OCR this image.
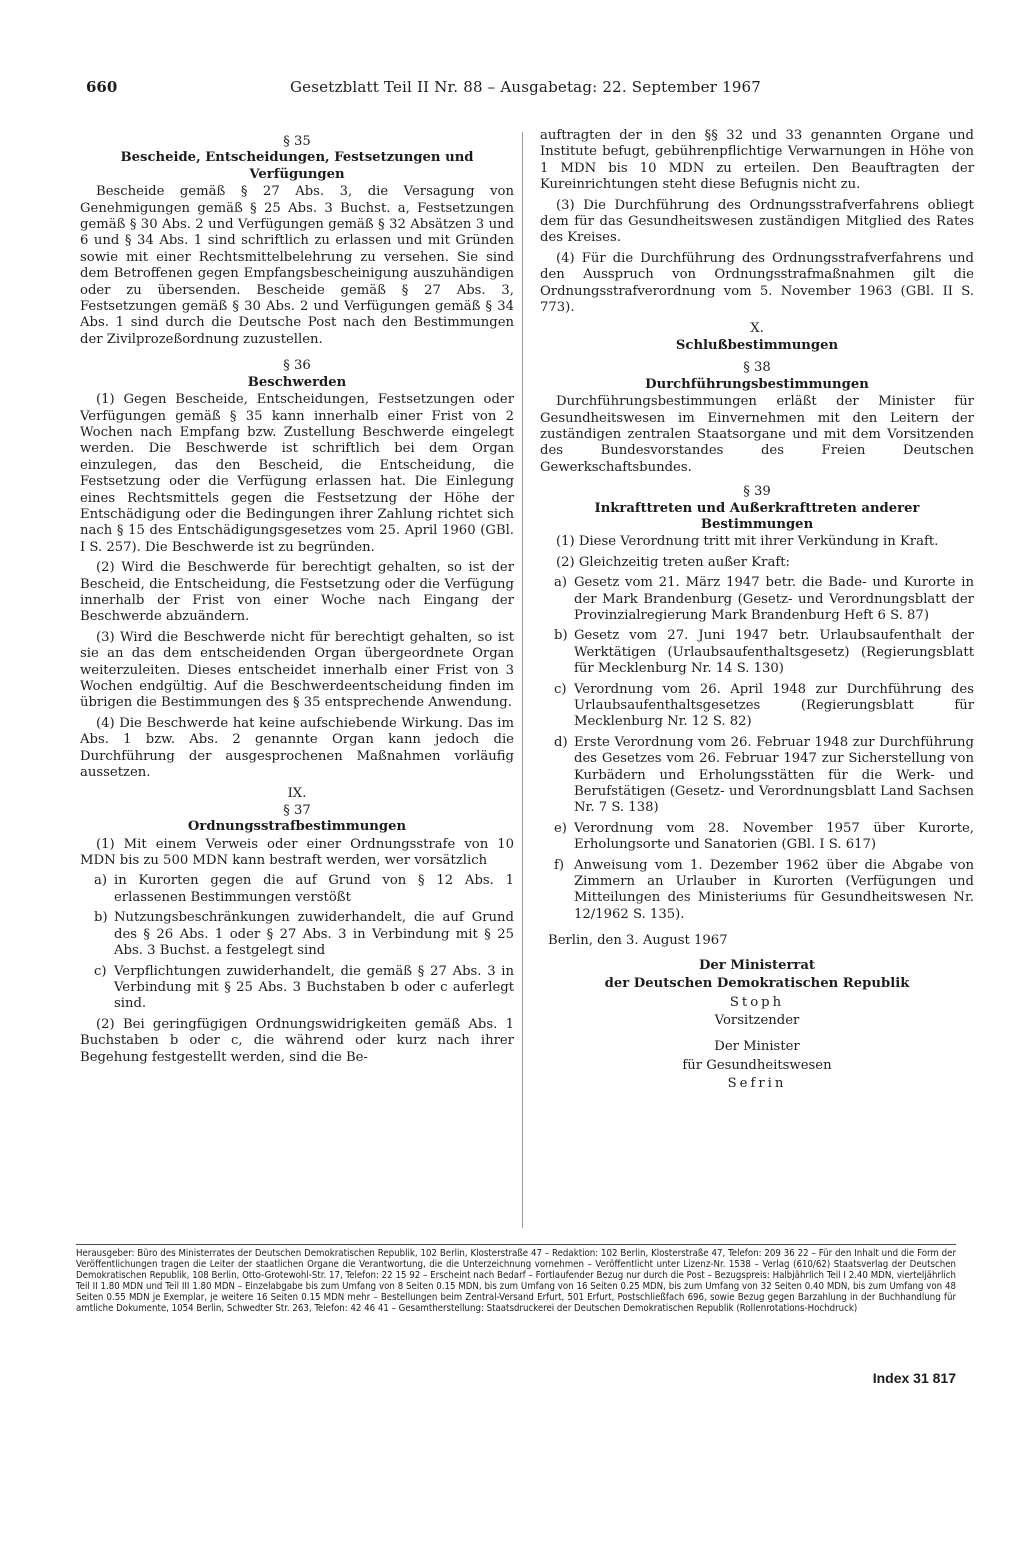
660	Gesetzblatt Teil II Nr. 88 – Ausgabetag: 22. September 1967
§ 35
Bescheide, Entscheidungen, Festsetzungen und Verfügungen

Bescheide gemäß § 27 Abs. 3, die Versagung von Genehmigungen gemäß § 25 Abs. 3 Buchst. a, Festsetzungen gemäß § 30 Abs. 2 und Verfügungen gemäß § 32 Absätzen 3 und 6 und § 34 Abs. 1 sind schriftlich zu erlassen und mit Gründen sowie mit einer Rechtsmittelbelehrung zu versehen. Sie sind dem Betroffenen gegen Empfangsbescheinigung auszuhändigen oder zu übersenden. Bescheide gemäß § 27 Abs. 3, Festsetzungen gemäß § 30 Abs. 2 und Verfügungen gemäß § 34 Abs. 1 sind durch die Deutsche Post nach den Bestimmungen der Zivilprozeßordnung zuzustellen.

§ 36
Beschwerden

(1) Gegen Bescheide, Entscheidungen, Festsetzungen oder Verfügungen gemäß § 35 kann innerhalb einer Frist von 2 Wochen nach Empfang bzw. Zustellung Beschwerde eingelegt werden. Die Beschwerde ist schriftlich bei dem Organ einzulegen, das den Bescheid, die Entscheidung, die Festsetzung oder die Verfügung erlassen hat. Die Einlegung eines Rechtsmittels gegen die Festsetzung der Höhe der Entschädigung oder die Bedingungen ihrer Zahlung richtet sich nach § 15 des Entschädigungsgesetzes vom 25. April 1960 (GBl. I S. 257). Die Beschwerde ist zu begründen.

(2) Wird die Beschwerde für berechtigt gehalten, so ist der Bescheid, die Entscheidung, die Festsetzung oder die Verfügung innerhalb der Frist von einer Woche nach Eingang der Beschwerde abzuändern.

(3) Wird die Beschwerde nicht für berechtigt gehalten, so ist sie an das dem entscheidenden Organ übergeordnete Organ weiterzuleiten. Dieses entscheidet innerhalb einer Frist von 3 Wochen endgültig. Auf die Beschwerdeentscheidung finden im übrigen die Bestimmungen des § 35 entsprechende Anwendung.

(4) Die Beschwerde hat keine aufschiebende Wirkung. Das im Abs. 1 bzw. Abs. 2 genannte Organ kann jedoch die Durchführung der ausgesprochenen Maßnahmen vorläufig aussetzen.

IX.
§ 37
Ordnungsstrafbestimmungen

(1) Mit einem Verweis oder einer Ordnungsstrafe von 10 MDN bis zu 500 MDN kann bestraft werden, wer vorsätzlich

a) in Kurorten gegen die auf Grund von § 12 Abs. 1 erlassenen Bestimmungen verstößt
b) Nutzungsbeschränkungen zuwiderhandelt, die auf Grund des § 26 Abs. 1 oder § 27 Abs. 3 in Verbindung mit § 25 Abs. 3 Buchst. a festgelegt sind
c) Verpflichtungen zuwiderhandelt, die gemäß § 27 Abs. 3 in Verbindung mit § 25 Abs. 3 Buchstaben b oder c auferlegt sind.

(2) Bei geringfügigen Ordnungswidrigkeiten gemäß Abs. 1 Buchstaben b oder c, die während oder kurz nach ihrer Begehung festgestellt werden, sind die Be-

auftragten der in den §§ 32 und 33 genannten Organe und Institute befugt, gebührenpflichtige Verwarnungen in Höhe von 1 MDN bis 10 MDN zu erteilen. Den Beauftragten der Kureinrichtungen steht diese Befugnis nicht zu.

(3) Die Durchführung des Ordnungsstrafverfahrens obliegt dem für das Gesundheitswesen zuständigen Mitglied des Rates des Kreises.

(4) Für die Durchführung des Ordnungsstrafverfahrens und den Ausspruch von Ordnungsstrafmaßnahmen gilt die Ordnungsstrafverordnung vom 5. November 1963 (GBl. II S. 773).

X.
Schlußbestimmungen
§ 38
Durchführungsbestimmungen

Durchführungsbestimmungen erläßt der Minister für Gesundheitswesen im Einvernehmen mit den Leitern der zuständigen zentralen Staatsorgane und mit dem Vorsitzenden des Bundesvorstandes des Freien Deutschen Gewerkschaftsbundes.

§ 39
Inkrafttreten und Außerkrafttreten anderer Bestimmungen

(1) Diese Verordnung tritt mit ihrer Verkündung in Kraft.

(2) Gleichzeitig treten außer Kraft:

a) Gesetz vom 21. März 1947 betr. die Bade- und Kurorte in der Mark Brandenburg (Gesetz- und Verordnungsblatt der Provinzialregierung Mark Brandenburg Heft 6 S. 87)
b) Gesetz vom 27. Juni 1947 betr. Urlaubsaufenthalt der Werktätigen (Urlaubsaufenthaltsgesetz) (Regierungsblatt für Mecklenburg Nr. 14 S. 130)
c) Verordnung vom 26. April 1948 zur Durchführung des Urlaubsaufenthaltsgesetzes (Regierungsblatt für Mecklenburg Nr. 12 S. 82)
d) Erste Verordnung vom 26. Februar 1948 zur Durchführung des Gesetzes vom 26. Februar 1947 zur Sicherstellung von Kurbädern und Erholungsstätten für die Werk- und Berufstätigen (Gesetz- und Verordnungsblatt Land Sachsen Nr. 7 S. 138)
e) Verordnung vom 28. November 1957 über Kurorte, Erholungsorte und Sanatorien (GBl. I S. 617)
f) Anweisung vom 1. Dezember 1962 über die Abgabe von Zimmern an Urlauber in Kurorten (Verfügungen und Mitteilungen des Ministeriums für Gesundheitswesen Nr. 12/1962 S. 135).
Berlin, den 3. August 1967
Der Ministerrat
der Deutschen Demokratischen Republik
Stoph
Vorsitzender
Der Minister
für Gesundheitswesen
Sefrin
Herausgeber: Büro des Ministerrates der Deutschen Demokratischen Republik, 102 Berlin, Klosterstraße 47 – Redaktion: 102 Berlin, Klosterstraße 47, Telefon: 209 36 22 – Für den Inhalt und die Form der Veröffentlichungen tragen die Leiter der staatlichen Organe die Verantwortung, die die Unterzeichnung vornehmen – Veröffentlicht unter Lizenz-Nr. 1538 – Verlag (610/62) Staatsverlag der Deutschen Demokratischen Republik, 108 Berlin, Otto-Grotewohl-Str. 17, Telefon: 22 15 92 – Erscheint nach Bedarf – Fortlaufender Bezug nur durch die Post – Bezugspreis: Halbjährlich Teil I 2.40 MDN, vierteljährlich Teil II 1.80 MDN und Teil III 1.80 MDN – Einzelabgabe bis zum Umfang von 8 Seiten 0.15 MDN, bis zum Umfang von 16 Seiten 0.25 MDN, bis zum Umfang von 32 Seiten 0.40 MDN, bis zum Umfang von 48 Seiten 0.55 MDN je Exemplar, je weitere 16 Seiten 0.15 MDN mehr – Bestellungen beim Zentral-Versand Erfurt, 501 Erfurt, Postschließfach 696, sowie Bezug gegen Barzahlung in der Buchhandlung für amtliche Dokumente, 1054 Berlin, Schwedter Str. 263, Telefon: 42 46 41 – Gesamtherstellung: Staatsdruckerei der Deutschen Demokratischen Republik (Rollenrotations-Hochdruck)
Index 31 817
